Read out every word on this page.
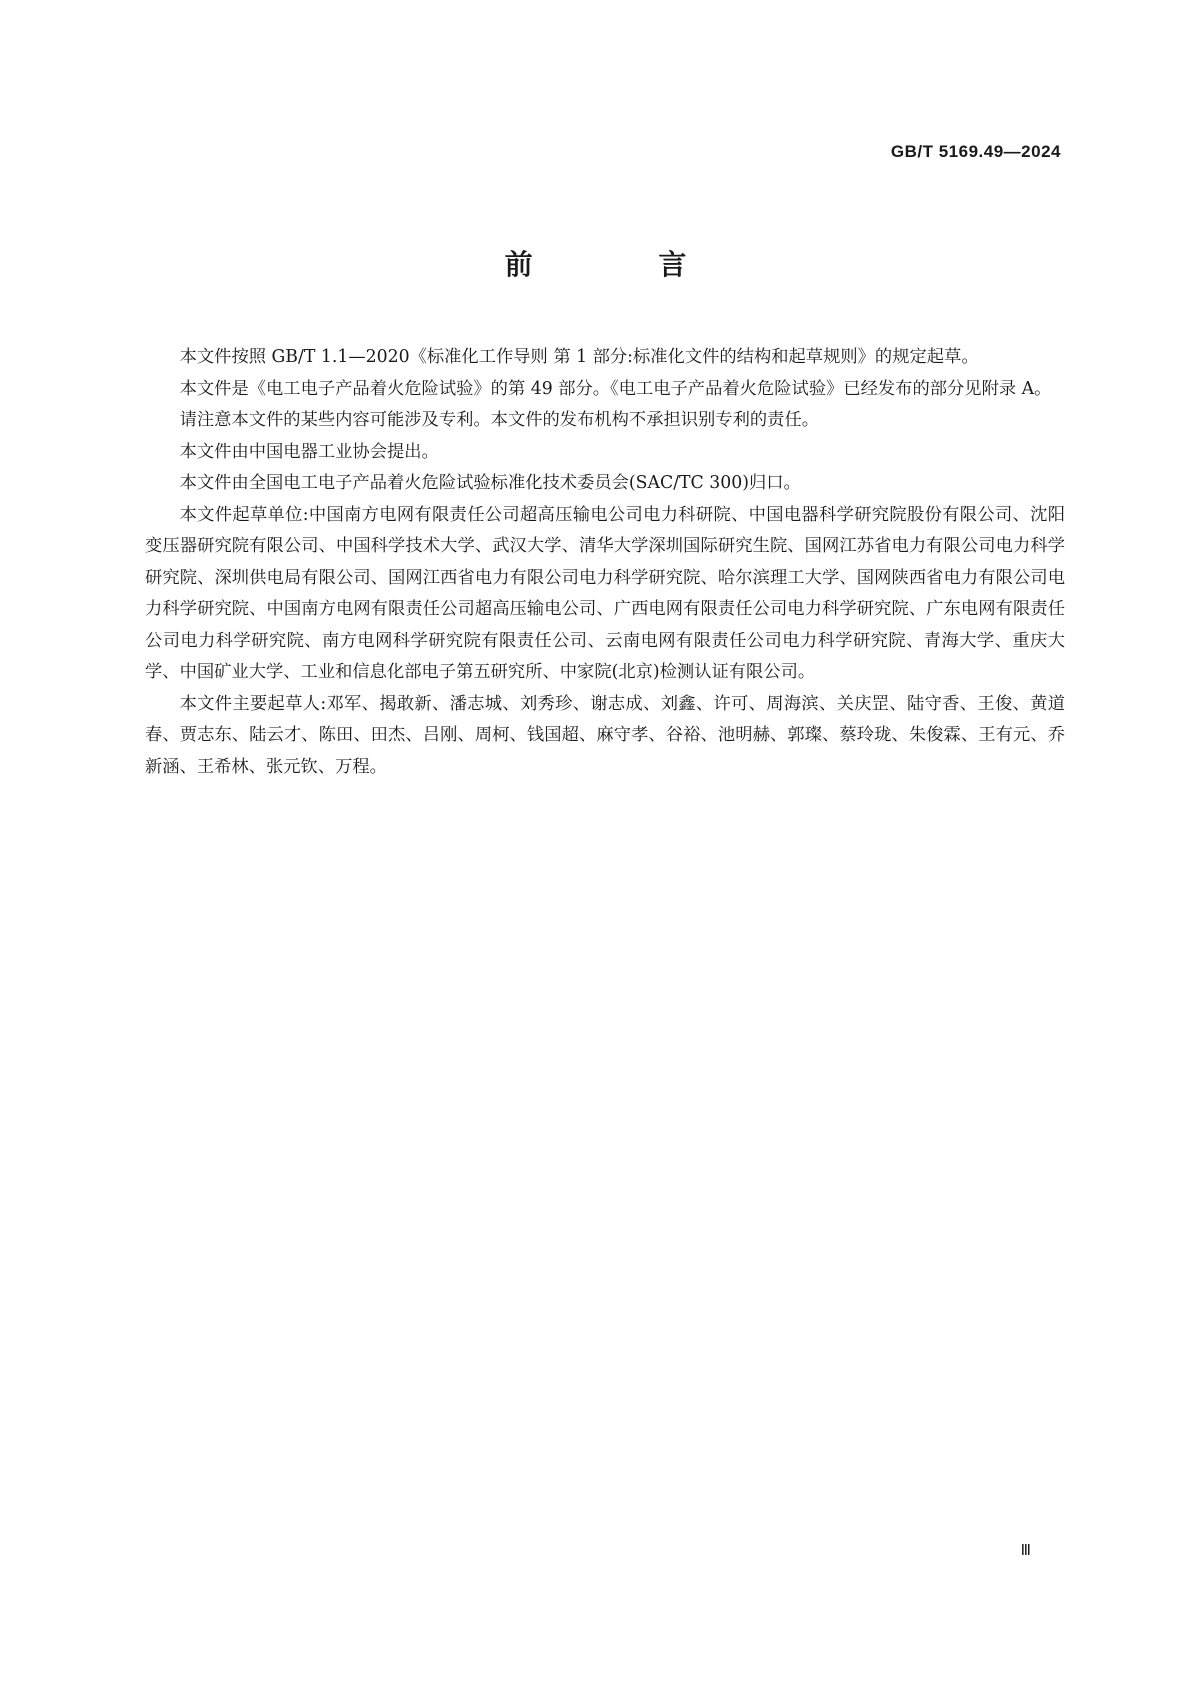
GB/T 5169.49—2024
前 言

本文件按照 GB/T 1.1—2020《标准化工作导则 第 1 部分:标准化文件的结构和起草规则》的规定起草。

本文件是《电工电子产品着火危险试验》的第 49 部分。《电工电子产品着火危险试验》已经发布的部分见附录 A。

请注意本文件的某些内容可能涉及专利。本文件的发布机构不承担识别专利的责任。

本文件由中国电器工业协会提出。

本文件由全国电工电子产品着火危险试验标准化技术委员会(SAC/TC 300)归口。

本文件起草单位:中国南方电网有限责任公司超高压输电公司电力科研院、中国电器科学研究院股份有限公司、沈阳变压器研究院有限公司、中国科学技术大学、武汉大学、清华大学深圳国际研究生院、国网江苏省电力有限公司电力科学研究院、深圳供电局有限公司、国网江西省电力有限公司电力科学研究院、哈尔滨理工大学、国网陕西省电力有限公司电力科学研究院、中国南方电网有限责任公司超高压输电公司、广西电网有限责任公司电力科学研究院、广东电网有限责任公司电力科学研究院、南方电网科学研究院有限责任公司、云南电网有限责任公司电力科学研究院、青海大学、重庆大学、中国矿业大学、工业和信息化部电子第五研究所、中家院(北京)检测认证有限公司。

本文件主要起草人:邓军、揭敢新、潘志城、刘秀珍、谢志成、刘鑫、许可、周海滨、关庆罡、陆守香、王俊、黄道春、贾志东、陆云才、陈田、田杰、吕刚、周柯、钱国超、麻守孝、谷裕、池明赫、郭璨、蔡玲珑、朱俊霖、王有元、乔新涵、王希林、张元钦、万程。

Ⅲ
